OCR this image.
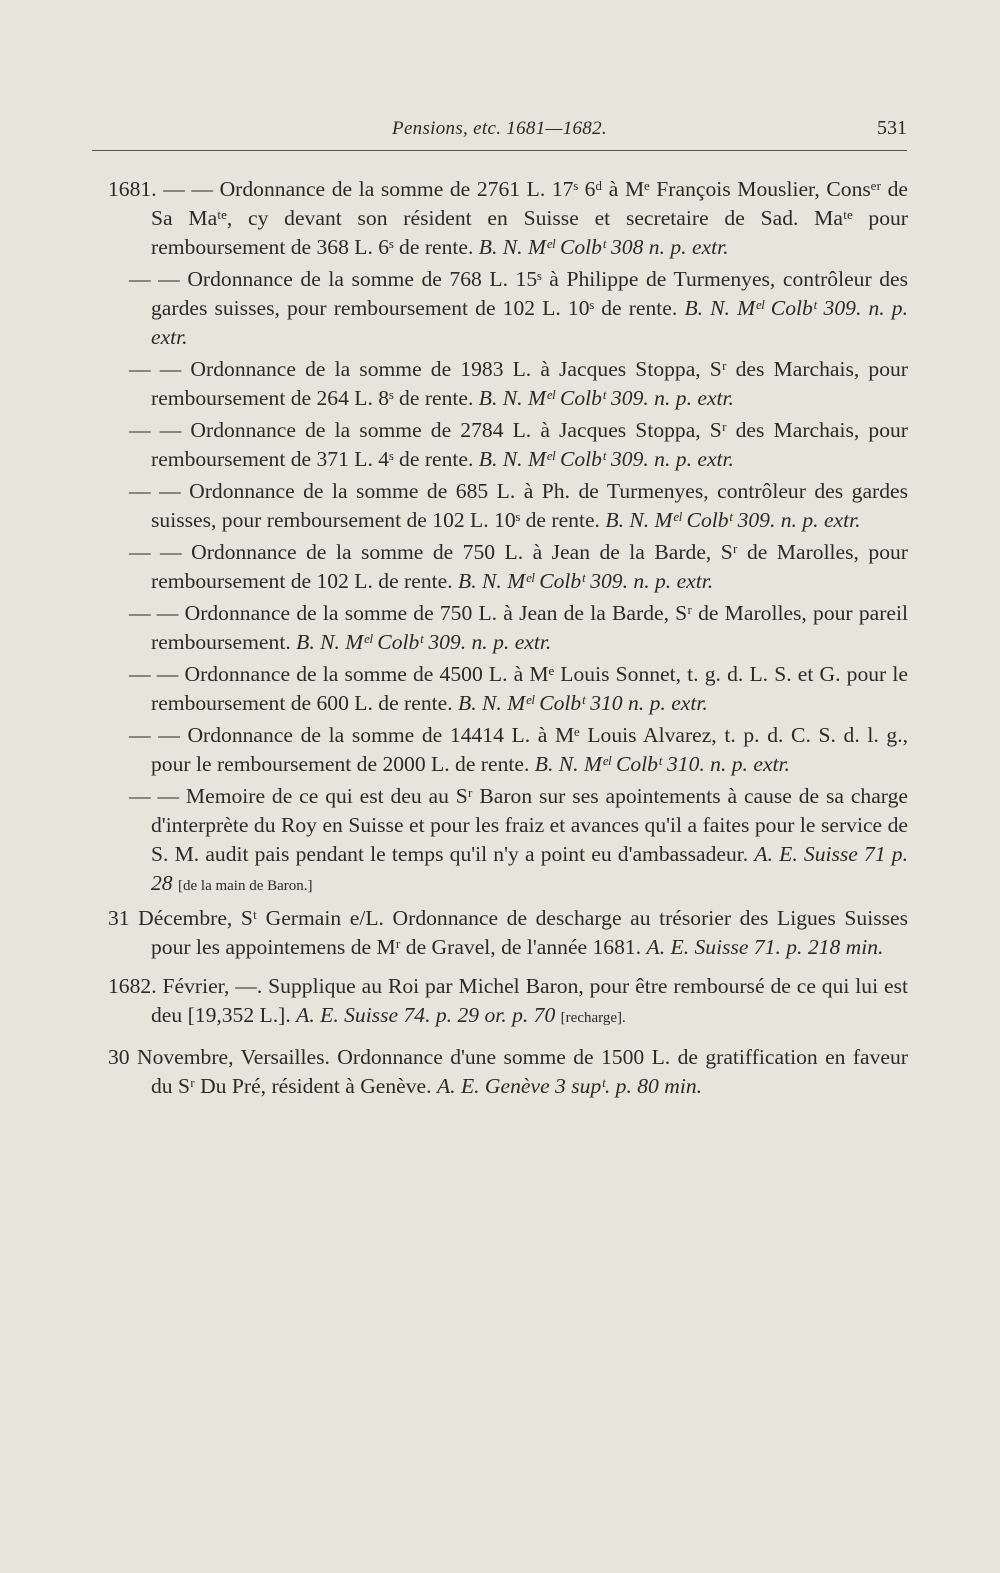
Pensions, etc. 1681—1682.	531

1681. — — Ordonnance de la somme de 2761 L. 17ˢ 6ᵈ à Mᵉ François Mouslier, Consᵉʳ de Sa Maᵗᵉ, cy devant son résident en Suisse et secretaire de Sad. Maᵗᵉ pour remboursement de 368 L. 6ˢ de rente. B. N. Mᵉˡ Colbᵗ 308 n. p. extr.

— — Ordonnance de la somme de 768 L. 15ˢ à Philippe de Turmenyes, contrôleur des gardes suisses, pour remboursement de 102 L. 10ˢ de rente. B. N. Mᵉˡ Colbᵗ 309. n. p. extr.

— — Ordonnance de la somme de 1983 L. à Jacques Stoppa, Sʳ des Marchais, pour remboursement de 264 L. 8ˢ de rente. B. N. Mᵉˡ Colbᵗ 309. n. p. extr.

— — Ordonnance de la somme de 2784 L. à Jacques Stoppa, Sʳ des Marchais, pour remboursement de 371 L. 4ˢ de rente. B. N. Mᵉˡ Colbᵗ 309. n. p. extr.

— — Ordonnance de la somme de 685 L. à Ph. de Turmenyes, contrôleur des gardes suisses, pour remboursement de 102 L. 10ˢ de rente. B. N. Mᵉˡ Colbᵗ 309. n. p. extr.

— — Ordonnance de la somme de 750 L. à Jean de la Barde, Sʳ de Marolles, pour remboursement de 102 L. de rente. B. N. Mᵉˡ Colbᵗ 309. n. p. extr.

— — Ordonnance de la somme de 750 L. à Jean de la Barde, Sʳ de Marolles, pour pareil remboursement. B. N. Mᵉˡ Colbᵗ 309. n. p. extr.

— — Ordonnance de la somme de 4500 L. à Mᵉ Louis Sonnet, t. g. d. L. S. et G. pour le remboursement de 600 L. de rente. B. N. Mᵉˡ Colbᵗ 310 n. p. extr.

— — Ordonnance de la somme de 14414 L. à Mᵉ Louis Alvarez, t. p. d. C. S. d. l. g., pour le remboursement de 2000 L. de rente. B. N. Mᵉˡ Colbᵗ 310. n. p. extr.

— — Memoire de ce qui est deu au Sʳ Baron sur ses apointements à cause de sa charge d'interprète du Roy en Suisse et pour les fraiz et avances qu'il a faites pour le service de S. M. audit pais pendant le temps qu'il n'y a point eu d'ambassadeur. A. E. Suisse 71 p. 28 [de la main de Baron.]

31 Décembre, Sᵗ Germain e/L. Ordonnance de descharge au trésorier des Ligues Suisses pour les appointemens de Mʳ de Gravel, de l'année 1681. A. E. Suisse 71. p. 218 min.

1682. Février, —. Supplique au Roi par Michel Baron, pour être remboursé de ce qui lui est deu [19,352 L.]. A. E. Suisse 74. p. 29 or. p. 70 [recharge].

30 Novembre, Versailles. Ordonnance d'une somme de 1500 L. de gratiffication en faveur du Sʳ Du Pré, résident à Genève. A. E. Genève 3 supᵗ. p. 80 min.
